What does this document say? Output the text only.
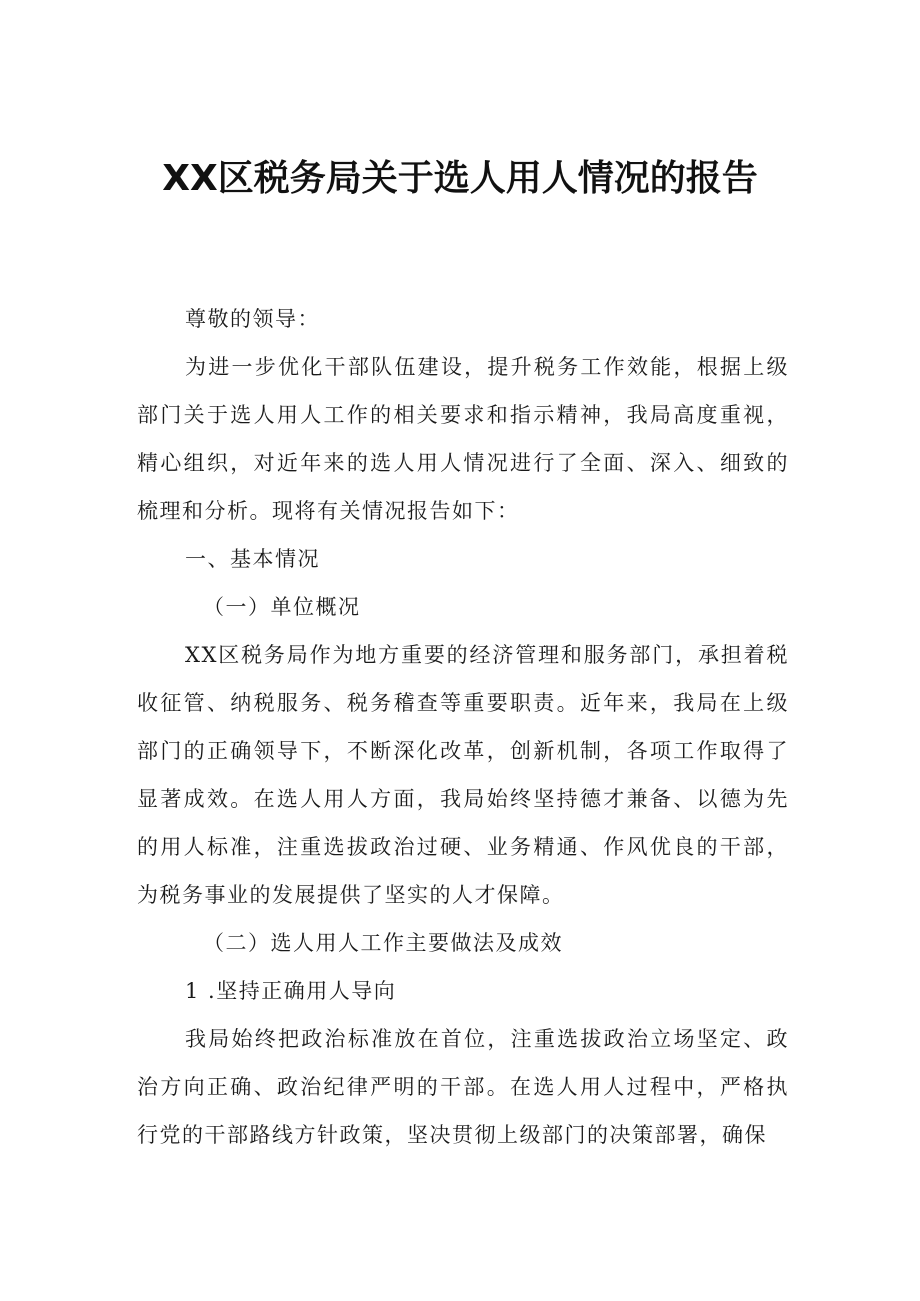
XX区税务局关于选人用人情况的报告

尊敬的领导：

为进一步优化干部队伍建设，提升税务工作效能，根据上级部门关于选人用人工作的相关要求和指示精神，我局高度重视，精心组织，对近年来的选人用人情况进行了全面、深入、细致的梳理和分析。现将有关情况报告如下：

一、基本情况

（一）单位概况

XX区税务局作为地方重要的经济管理和服务部门，承担着税收征管、纳税服务、税务稽查等重要职责。近年来，我局在上级部门的正确领导下，不断深化改革，创新机制，各项工作取得了显著成效。在选人用人方面，我局始终坚持德才兼备、以德为先的用人标准，注重选拔政治过硬、业务精通、作风优良的干部，为税务事业的发展提供了坚实的人才保障。

（二）选人用人工作主要做法及成效

1 .坚持正确用人导向

我局始终把政治标准放在首位，注重选拔政治立场坚定、政治方向正确、政治纪律严明的干部。在选人用人过程中，严格执行党的干部路线方针政策，坚决贯彻上级部门的决策部署，确保
